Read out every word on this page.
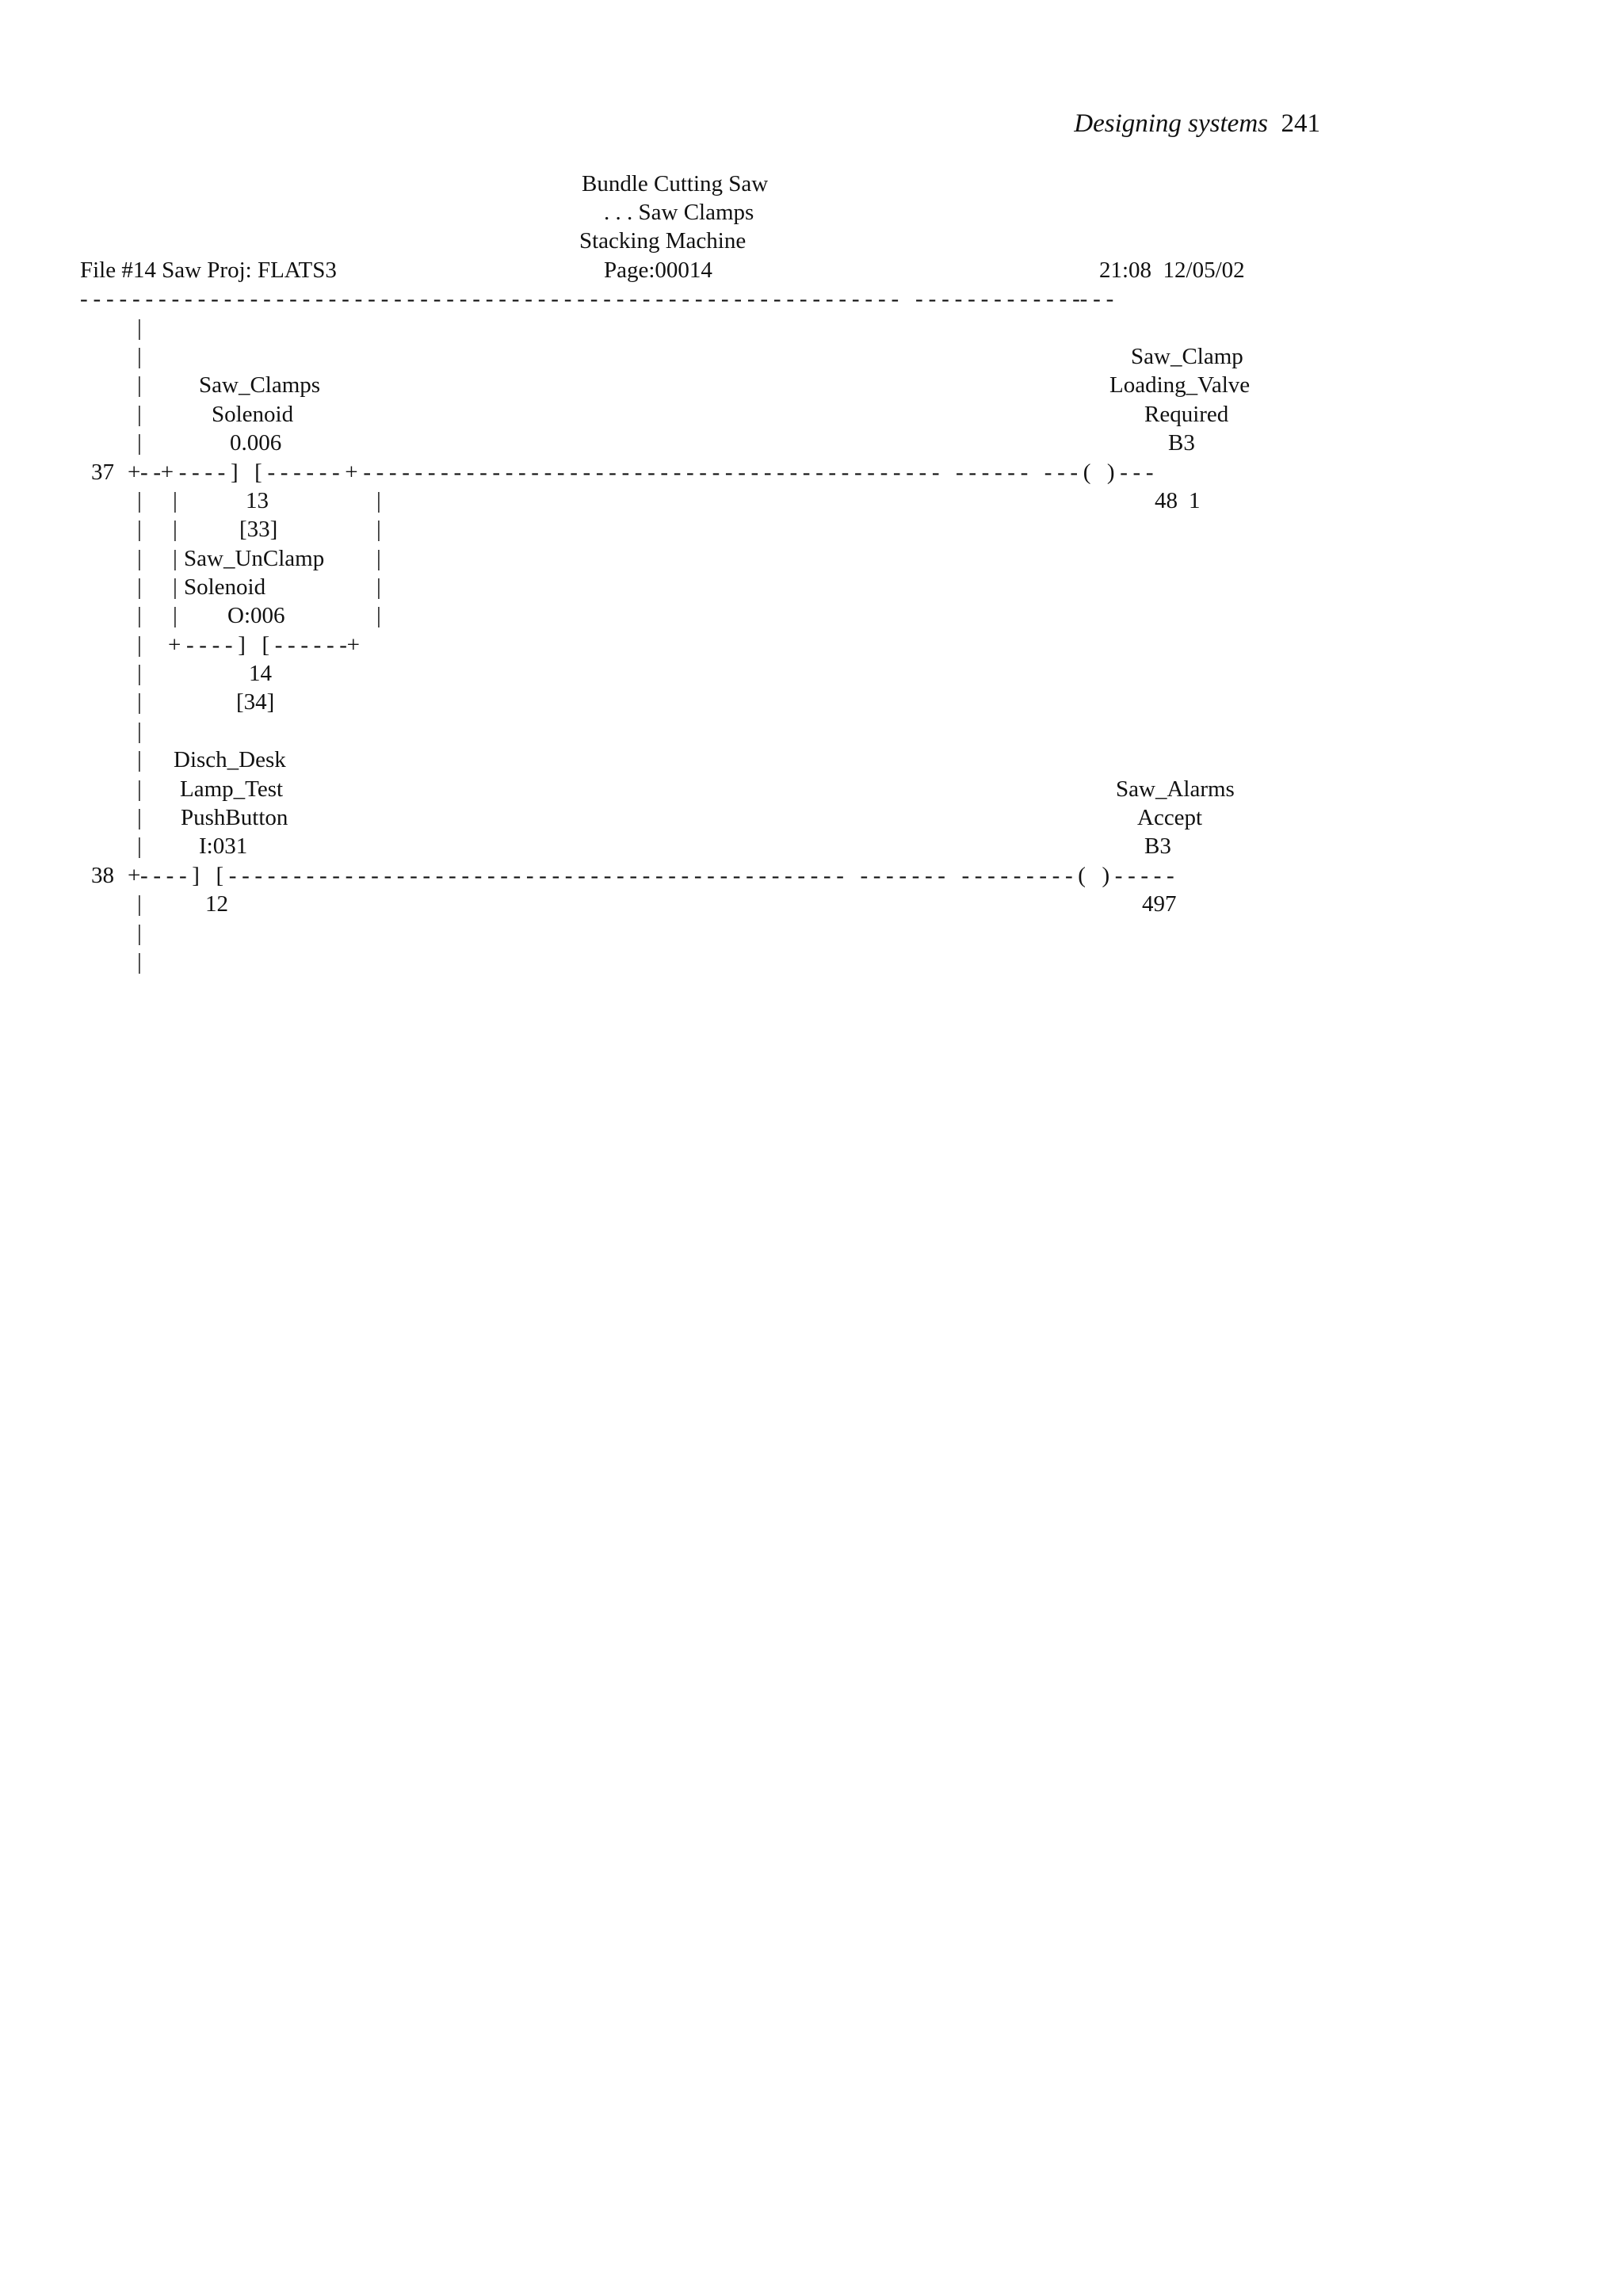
Designing systems 241
Bundle Cutting Saw
. . . Saw Clamps
Stacking Machine
File #14 Saw Proj: FLATS3	Page:00014	21:08  12/05/02
- - - - - - - - - - - - - - - - - - - - - - - - - - - - - - - - - - - - - - - - - - - - - - - - - - - - - - - - - - - - - - -   - - - - - - - - - - - - -- - -
|
|
|
|
|
Saw_Clamps
Solenoid
0.006
Saw_Clamp
Loading_Valve
Required
B3
37 +- -+ - - - - ]   [ - - - - - - + - - - - - - - - - - - - - - - - - - - - - - - - - - - - - - - - - - - - - - - - - - - - -   - - - - - -   - - - (   ) - - -
| |	13	|	48 1
| |	[33]	|
| | Saw_UnClamp |
| | Solenoid	|
| | O:006	|
| + - - - - ]   [ - - - - - -+
|	14
|	[34]
|
| Disch_Desk
| Lamp_Test	Saw_Alarms
| PushButton	Accept
| I:031	B3
38 +- - - - ]   [ - - - - - - - - - - - - - - - - - - - - - - - - - - - - - - - - - - - - - - - - - - - - - - - -   - - - - - - -   - - - - - - - - - (   ) - - - - -
|	12	497
|
|
